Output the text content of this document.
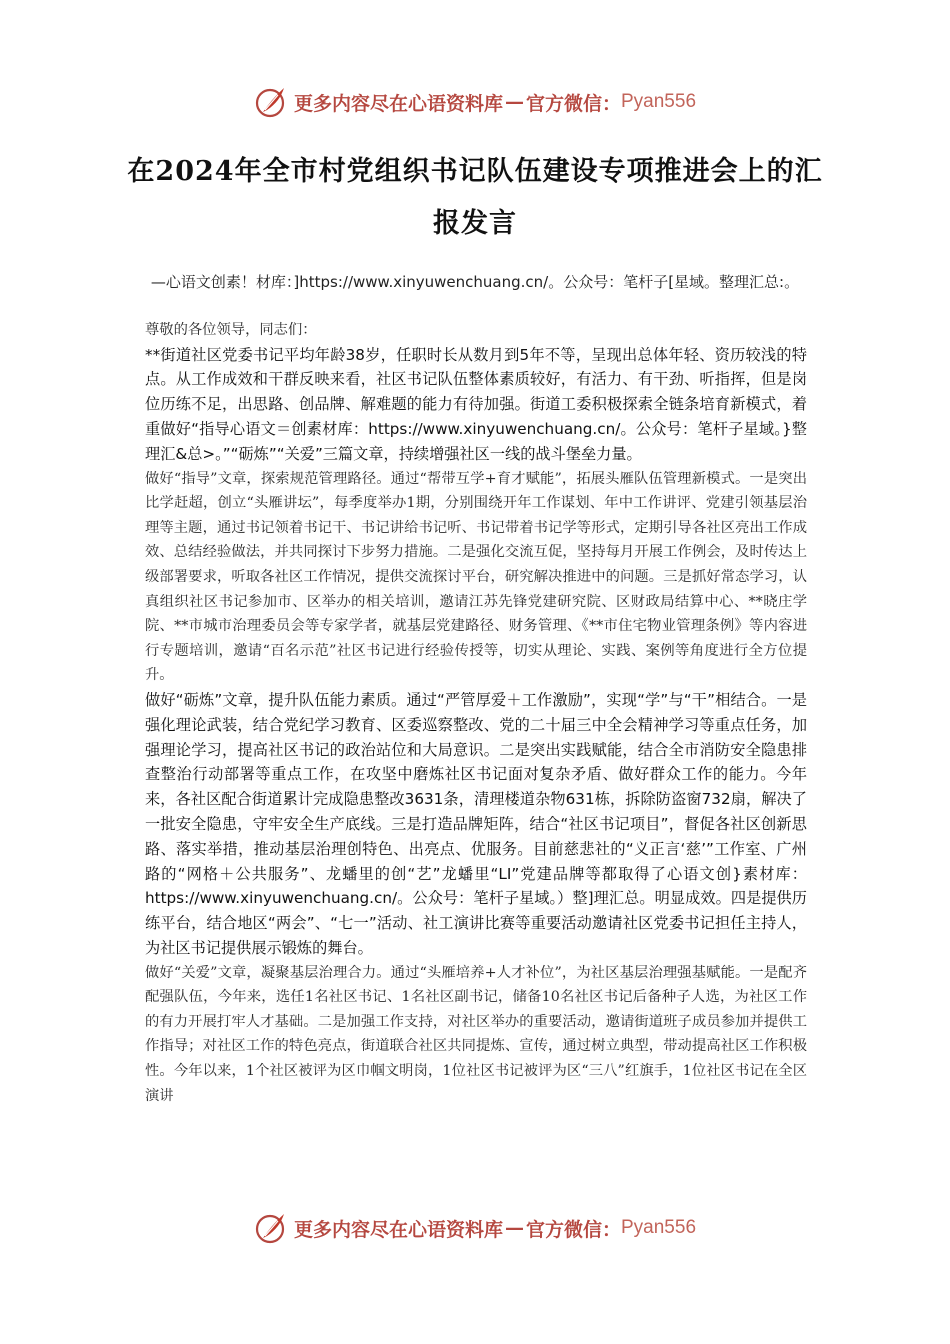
更多内容尽在心语资料库 — 官方微信： Pyan556
在2024年全市村党组织书记队伍建设专项推进会上的汇报发言
—心语文创素！材库：]https://www.xinyuwenchuang.cn/。公众号：笔杆子[星域。整理汇总:。

尊敬的各位领导，同志们：

**街道社区党委书记平均年龄38岁，任职时长从数月到5年不等，呈现出总体年轻、资历较浅的特点。从工作成效和干群反映来看，社区书记队伍整体素质较好，有活力、有干劲、听指挥，但是岗位历练不足，出思路、创品牌、解难题的能力有待加强。街道工委积极探索全链条培育新模式，着重做好“指导心语文＝创素材库：https://www.xinyuwenchuang.cn/。公众号：笔杆子星域。}整理汇&总>。”“砺炼”“关爱”三篇文章，持续增强社区一线的战斗堡垒力量。

做好“指导”文章，探索规范管理路径。通过“帮带互学+育才赋能”，拓展头雁队伍管理新模式。一是突出比学赶超，创立“头雁讲坛”，每季度举办1期，分别围绕开年工作谋划、年中工作讲评、党建引领基层治理等主题，通过书记领着书记干、书记讲给书记听、书记带着书记学等形式，定期引导各社区亮出工作成效、总结经验做法，并共同探讨下步努力措施。二是强化交流互促，坚持每月开展工作例会，及时传达上级部署要求，听取各社区工作情况，提供交流探讨平台，研究解决推进中的问题。三是抓好常态学习，认真组织社区书记参加市、区举办的相关培训，邀请江苏先锋党建研究院、区财政局结算中心、**晓庄学院、**市城市治理委员会等专家学者，就基层党建路径、财务管理、《**市住宅物业管理条例》等内容进行专题培训，邀请“百名示范”社区书记进行经验传授等，切实从理论、实践、案例等角度进行全方位提升。

做好“砺炼”文章，提升队伍能力素质。通过“严管厚爱＋工作激励”，实现“学”与“干”相结合。一是强化理论武装，结合党纪学习教育、区委巡察整改、党的二十届三中全会精神学习等重点任务，加强理论学习，提高社区书记的政治站位和大局意识。二是突出实践赋能，结合全市消防安全隐患排查整治行动部署等重点工作，在攻坚中磨炼社区书记面对复杂矛盾、做好群众工作的能力。今年来，各社区配合街道累计完成隐患整改3631条，清理楼道杂物631栋，拆除防盗窗732扇，解决了一批安全隐患，守牢安全生产底线。三是打造品牌矩阵，结合“社区书记项目”，督促各社区创新思路、落实举措，推动基层治理创特色、出亮点、优服务。目前慈悲社的“义正言‘慈’”工作室、广州路的“网格＋公共服务”、龙蟠里的创“艺”龙蟠里“LI”党建品牌等都取得了心语文创}素材库：https://www.xinyuwenchuang.cn/。公众号：笔杆子星域。）整]理汇总。明显成效。四是提供历练平台，结合地区“两会”、“七一”活动、社工演讲比赛等重要活动邀请社区党委书记担任主持人，为社区书记提供展示锻炼的舞台。

做好“关爱”文章，凝聚基层治理合力。通过“头雁培养+人才补位”，为社区基层治理强基赋能。一是配齐配强队伍，今年来，选任1名社区书记、1名社区副书记，储备10名社区书记后备种子人选，为社区工作的有力开展打牢人才基础。二是加强工作支持，对社区举办的重要活动，邀请街道班子成员参加并提供工作指导；对社区工作的特色亮点，街道联合社区共同提炼、宣传，通过树立典型，带动提高社区工作积极性。今年以来，1个社区被评为区巾帼文明岗，1位社区书记被评为区“三八”红旗手，1位社区书记在全区演讲

更多内容尽在心语资料库 — 官方微信： Pyan556
